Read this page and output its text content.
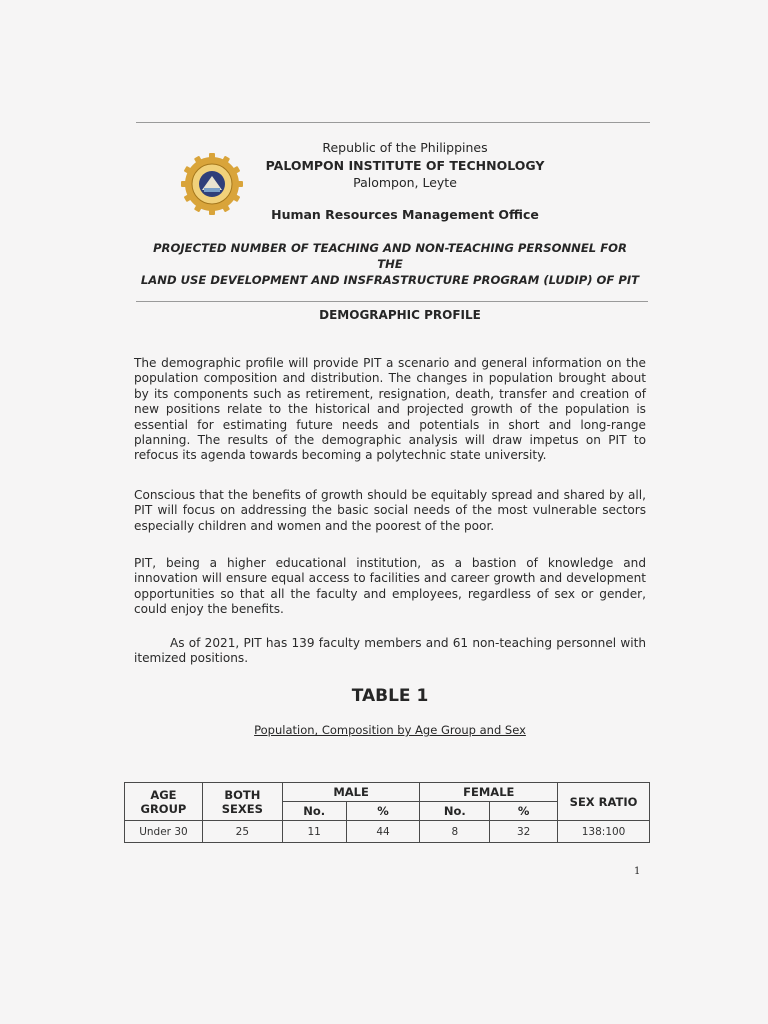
Republic of the Philippines
PALOMPON INSTITUTE OF TECHNOLOGY
Palompon, Leyte
Human Resources Management Office
PROJECTED NUMBER OF TEACHING AND NON-TEACHING PERSONNEL FOR THE
LAND USE DEVELOPMENT AND INSFRASTRUCTURE PROGRAM (LUDIP) OF PIT
DEMOGRAPHIC PROFILE
The demographic profile will provide PIT a scenario and general information on the population composition and distribution. The changes in population brought about by its components such as retirement, resignation, death, transfer and creation of new positions relate to the historical and projected growth of the population is essential for estimating future needs and potentials in short and long-range planning. The results of the demographic analysis will draw impetus on PIT to refocus its agenda towards becoming a polytechnic state university.
Conscious that the benefits of growth should be equitably spread and shared by all, PIT will focus on addressing the basic social needs of the most vulnerable sectors especially children and women and the poorest of the poor.
PIT, being a higher educational institution, as a bastion of knowledge and innovation will ensure equal access to facilities and career growth and development opportunities so that all the faculty and employees, regardless of sex or gender, could enjoy the benefits.
As of 2021, PIT has 139 faculty members and 61 non-teaching personnel with itemized positions.
TABLE 1
Population, Composition by Age Group and Sex
AGE GROUP	BOTH SEXES	MALE		FEMALE		SEX RATIO
		No.	%	No.	%	
Under 30	25	11	44	8	32	138:100
1
